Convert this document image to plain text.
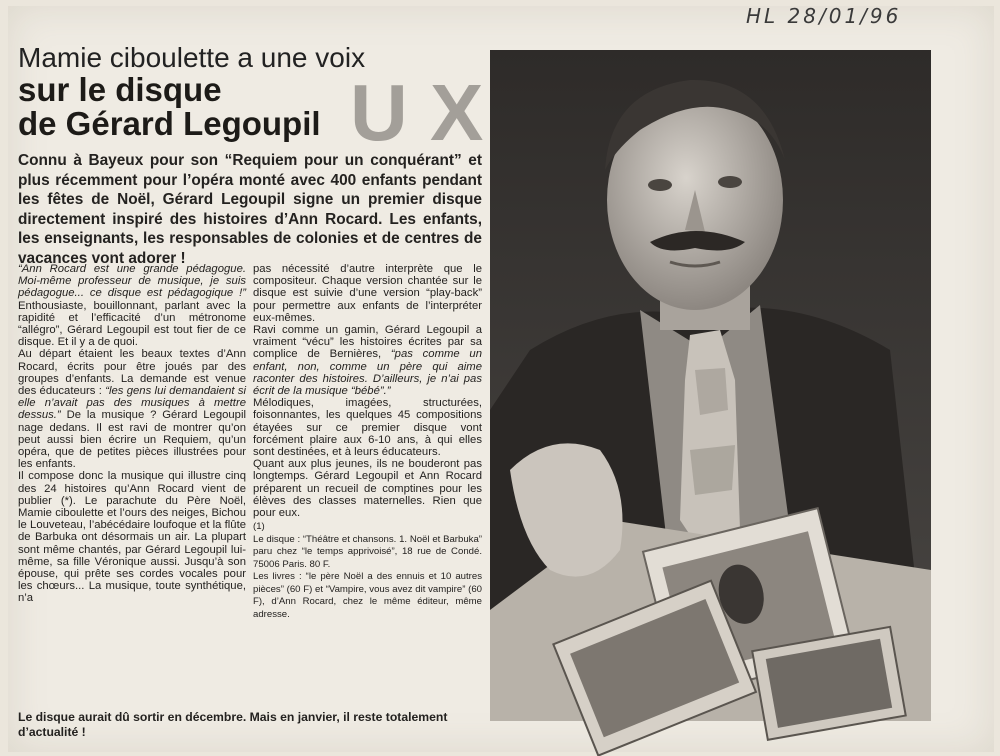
HL 28/01/96
Mamie ciboulette a une voix
sur le disque
de Gérard Legoupil

Connu à Bayeux pour son “Requiem pour un conquérant” et plus récemment pour l’opéra monté avec 400 enfants pendant les fêtes de Noël, Gérard Legoupil signe un premier disque directement inspiré des histoires d’Ann Rocard. Les enfants, les enseignants, les responsables de colonies et de centres de vacances vont adorer !

“Ann Rocard est une grande pédagogue. Moi-même professeur de musique, je suis pédagogue... ce disque est pédagogique !” Enthousiaste, bouillonnant, parlant avec la rapidité et l’efficacité d’un métronome “allégro”, Gérard Legoupil est tout fier de ce disque. Et il y a de quoi.

Au départ étaient les beaux textes d’Ann Rocard, écrits pour être joués par des groupes d’enfants. La demande est venue des éducateurs : “les gens lui demandaient si elle n’avait pas des musiques à mettre dessus.” De la musique ? Gérard Legoupil nage dedans. Il est ravi de montrer qu’on peut aussi bien écrire un Requiem, qu’un opéra, que de petites pièces illustrées pour les enfants.

Il compose donc la musique qui illustre cinq des 24 histoires qu’Ann Rocard vient de publier (*). Le parachute du Père Noël, Mamie ciboulette et l’ours des neiges, Bichou le Louveteau, l’abécédaire loufoque et la flûte de Barbuka ont désormais un air. La plupart sont même chantés, par Gérard Legoupil lui-même, sa fille Véronique aussi. Jusqu’à son épouse, qui prête ses cordes vocales pour les chœurs... La musique, toute synthétique, n’a

pas nécessité d’autre interprète que le compositeur. Chaque version chantée sur le disque est suivie d’une version “play-back” pour permettre aux enfants de l’interpréter eux-mêmes.

Ravi comme un gamin, Gérard Legoupil a vraiment “vécu” les histoires écrites par sa complice de Bernières, “pas comme un enfant, non, comme un père qui aime raconter des histoires. D’ailleurs, je n’ai pas écrit de la musique “bébé”.”

Mélodiques, imagées, structurées, foisonnantes, les quelques 45 compositions étayées sur ce premier disque vont forcément plaire aux 6-10 ans, à qui elles sont destinées, et à leurs éducateurs.

Quant aux plus jeunes, ils ne bouderont pas longtemps. Gérard Legoupil et Ann Rocard préparent un recueil de comptines pour les élèves des classes maternelles. Rien que pour eux.

(1)
Le disque : “Théâtre et chansons. 1. Noël et Barbuka” paru chez “le temps apprivoisé”, 18 rue de Condé. 75006 Paris. 80 F.
Les livres : “le père Noël a des ennuis et 10 autres pièces” (60 F) et “Vampire, vous avez dit vampire” (60 F), d’Ann Rocard, chez le même éditeur, même adresse.

Le disque aurait dû sortir en décembre. Mais en janvier, il reste totalement d’actualité !

U X
